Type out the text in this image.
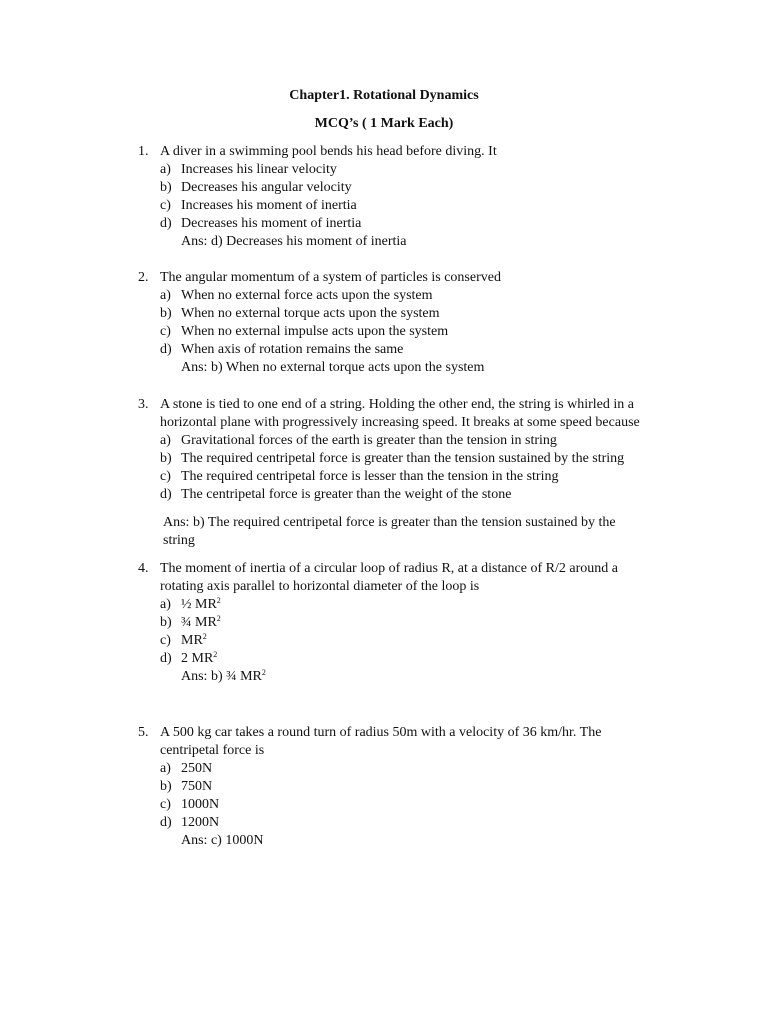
Chapter1. Rotational Dynamics
MCQ’s ( 1 Mark Each)
1. A diver in a swimming pool bends his head before diving. It
a) Increases his linear velocity
b) Decreases his angular velocity
c) Increases his moment of inertia
d) Decreases his moment of inertia
Ans: d) Decreases his moment of inertia
2. The angular momentum of a system of particles is conserved
a) When no external force acts upon the system
b) When no external torque acts upon the system
c) When no external impulse acts upon the system
d) When axis of rotation remains the same
Ans: b) When no external torque acts upon the system
3. A stone is tied to one end of a string. Holding the other end, the string is whirled in a horizontal plane with progressively increasing speed. It breaks at some speed because
a) Gravitational forces of the earth is greater than the tension in string
b) The required centripetal force is greater than the tension sustained by the string
c) The required centripetal force is lesser than the tension in the string
d) The centripetal force is greater than the weight of the stone
Ans: b) The required centripetal force is greater than the tension sustained by the string
4. The moment of inertia of a circular loop of radius R, at a distance of R/2 around a rotating axis parallel to horizontal diameter of the loop is
a) ½ $MR^2$
b) ¾ $MR^2$
c) $MR^2$
d) 2 $MR^2$
Ans: b) ¾ $MR^2$
5. A 500 kg car takes a round turn of radius 50m with a velocity of 36 km/hr. The centripetal force is
a) 250N
b) 750N
c) 1000N
d) 1200N
Ans: c) 1000N
